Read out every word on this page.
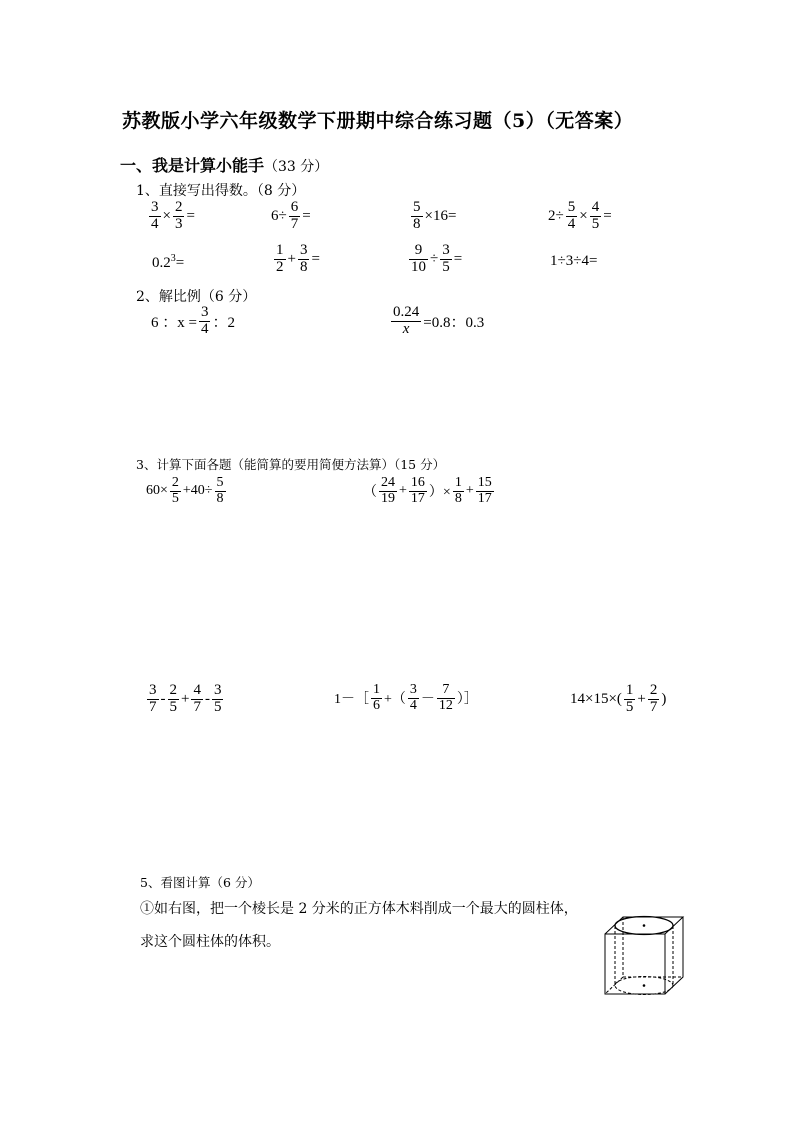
苏教版小学六年级数学下册期中综合练习题（5）（无答案）
一、我是计算小能手（33 分）
1、直接写出得数。（8 分）
$\frac{3}{4} \times \frac{2}{3}$ =	$6\div \frac{6}{7}$ =	$\frac{5}{8} \times 16=$	$2\div \frac{5}{4} \times \frac{4}{5}$ =
$0.2^3=$	$\frac{1}{2} + \frac{3}{8}$ =	$\frac{9}{10} \div \frac{3}{5}$ =	1÷3÷4=
2、解比例（6 分）
6 ：$x = \frac{3}{4}$ ：2	$\frac{0.24}{x} =0.8$：0.3
3、计算下面各题（能简算的要用简便方法算）（15 分）
$60\times \frac{2}{5} +40\div \frac{5}{8}$	（ $\frac{24}{19} + \frac{16}{17}$ ）× $\frac{1}{8} + \frac{15}{17}$
$\frac{3}{7} - \frac{2}{5} + \frac{4}{7} - \frac{3}{5}$	1－［ $\frac{1}{6}$ +（ $\frac{3}{4} - \frac{7}{12}$ ）］	$14\times 15\times( \frac{1}{5} + \frac{2}{7}$ )
5、看图计算（6 分）
①如右图，把一个棱长是 2 分米的正方体木料削成一个最大的圆柱体，
求这个圆柱体的体积。
